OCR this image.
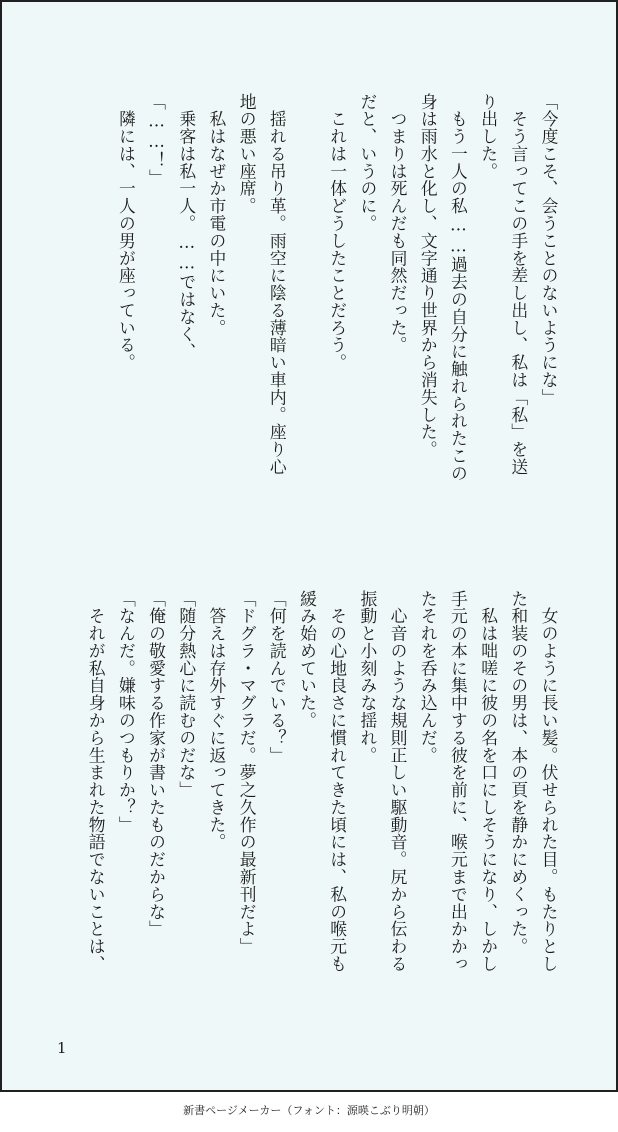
「今度こそ、会うことのないようにな」
　そう言ってこの手を差し出し、私は「私」を送
り出した。
　もう一人の私……過去の自分に触れられたこの
身は雨水と化し、文字通り世界から消失した。
　つまりは死んだも同然だった。
だと、いうのに。
　これは一体どうしたことだろう。
　揺れる吊り革。雨空に陰る薄暗い車内。座り心
地の悪い座席。
　私はなぜか市電の中にいた。
　乗客は私一人。……ではなく、
「……！」
　隣には、一人の男が座っている。
　女のように長い髪。伏せられた目。もたりとし
た和装のその男は、本の頁を静かにめくった。
　私は咄嗟に彼の名を口にしそうになり、しかし
手元の本に集中する彼を前に、喉元まで出かかっ
たそれを呑み込んだ。
　心音のような規則正しい駆動音。尻から伝わる
振動と小刻みな揺れ。
　その心地良さに慣れてきた頃には、私の喉元も
緩み始めていた。
「何を読んでいる？」
「ドグラ・マグラだ。夢之久作の最新刊だよ」
　答えは存外すぐに返ってきた。
「随分熱心に読むのだな」
「俺の敬愛する作家が書いたものだからな」
「なんだ。嫌味のつもりか？」
　それが私自身から生まれた物語でないことは、
1
新書ページメーカー（フォント：源暎こぶり明朝）
